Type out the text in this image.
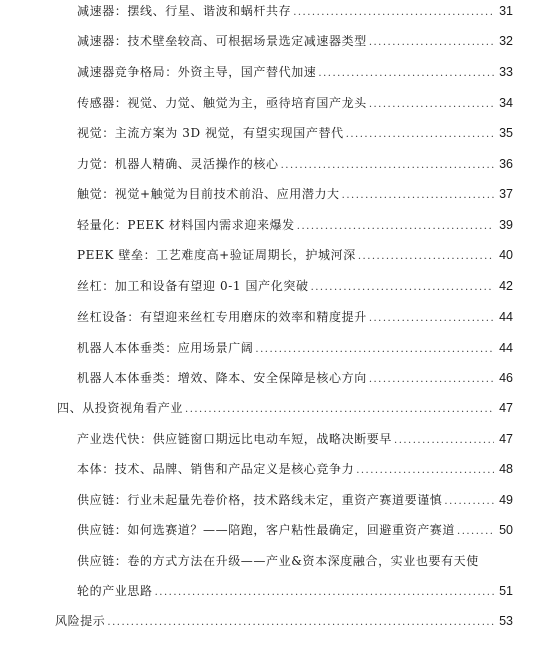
减速器：摆线、行星、谐波和蜗杆共存 .....	31
减速器：技术壁垒较高、可根据场景选定减速器类型 .....	32
减速器竞争格局：外资主导，国产替代加速 .....	33
传感器：视觉、力觉、触觉为主，亟待培育国产龙头 .....	34
视觉：主流方案为 3D 视觉，有望实现国产替代 .....	35
力觉：机器人精确、灵活操作的核心 .....	36
触觉：视觉+触觉为目前技术前沿、应用潜力大 .....	37
轻量化：PEEK 材料国内需求迎来爆发 .....	39
PEEK 壁垒：工艺难度高+验证周期长，护城河深 .....	40
丝杠：加工和设备有望迎 0-1 国产化突破 .....	42
丝杠设备：有望迎来丝杠专用磨床的效率和精度提升 .....	44
机器人本体垂类：应用场景广阔 .....	44
机器人本体垂类：增效、降本、安全保障是核心方向 .....	46
四、从投资视角看产业 .....	47
产业迭代快：供应链窗口期远比电动车短，战略决断要早 .....	47
本体：技术、品牌、销售和产品定义是核心竞争力 .....	48
供应链：行业未起量先卷价格，技术路线未定，重资产赛道要谨慎 .....	49
供应链：如何选赛道？——陪跑，客户粘性最确定，回避重资产赛道 .....	50
供应链：卷的方式方法在升级——产业&资本深度融合，实业也要有天使
轮的产业思路 .....	51
风险提示 .....	53
